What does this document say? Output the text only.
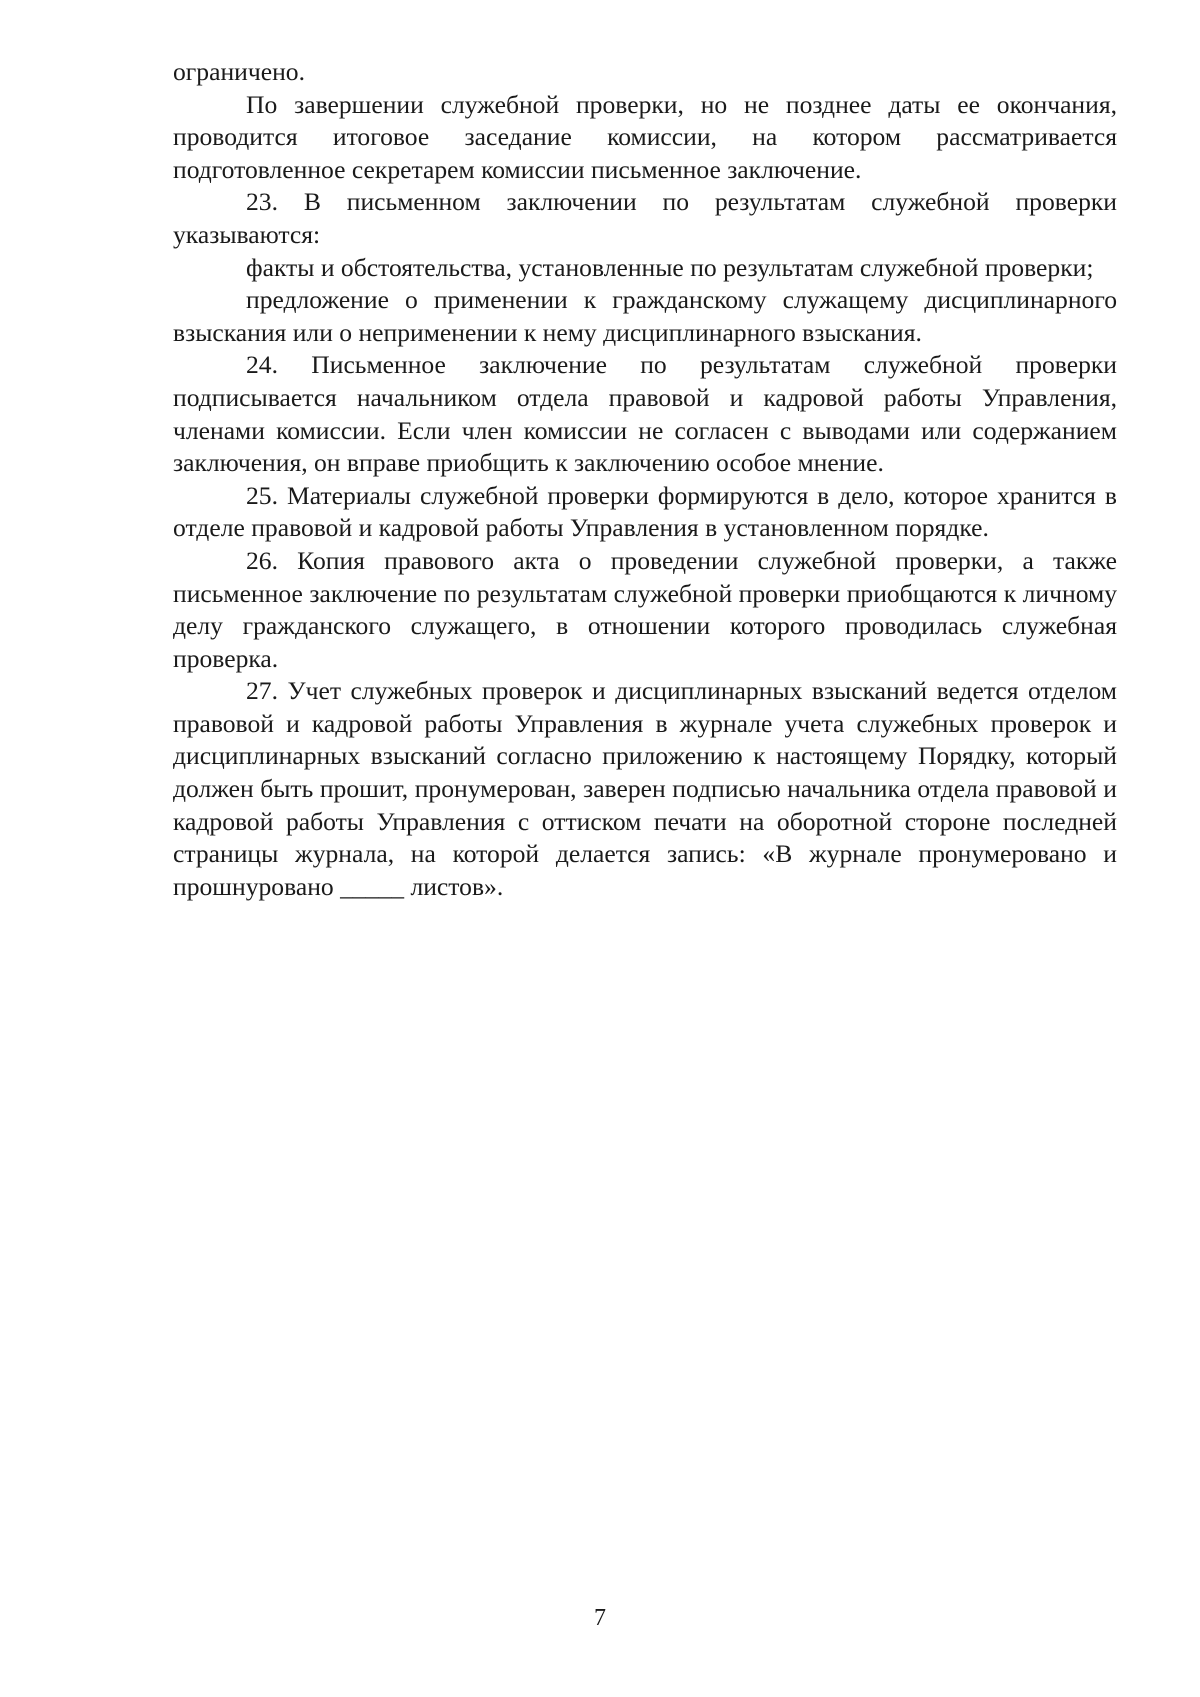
ограничено.

По завершении служебной проверки, но не позднее даты ее окончания, проводится итоговое заседание комиссии, на котором рассматривается подготовленное секретарем комиссии письменное заключение.

23. В письменном заключении по результатам служебной проверки указываются:

факты и обстоятельства, установленные по результатам служебной проверки;

предложение о применении к гражданскому служащему дисциплинарного взыскания или о неприменении к нему дисциплинарного взыскания.

24. Письменное заключение по результатам служебной проверки подписывается начальником отдела правовой и кадровой работы Управления, членами комиссии. Если член комиссии не согласен с выводами или содержанием заключения, он вправе приобщить к заключению особое мнение.

25. Материалы служебной проверки формируются в дело, которое хранится в отделе правовой и кадровой работы Управления в установленном порядке.

26. Копия правового акта о проведении служебной проверки, а также письменное заключение по результатам служебной проверки приобщаются к личному делу гражданского служащего, в отношении которого проводилась служебная проверка.

27. Учет служебных проверок и дисциплинарных взысканий ведется отделом правовой и кадровой работы Управления в журнале учета служебных проверок и дисциплинарных взысканий согласно приложению к настоящему Порядку, который должен быть прошит, пронумерован, заверен подписью начальника отдела правовой и кадровой работы Управления с оттиском печати на оборотной стороне последней страницы журнала, на которой делается запись: «В журнале пронумеровано и прошнуровано _____ листов».

7
